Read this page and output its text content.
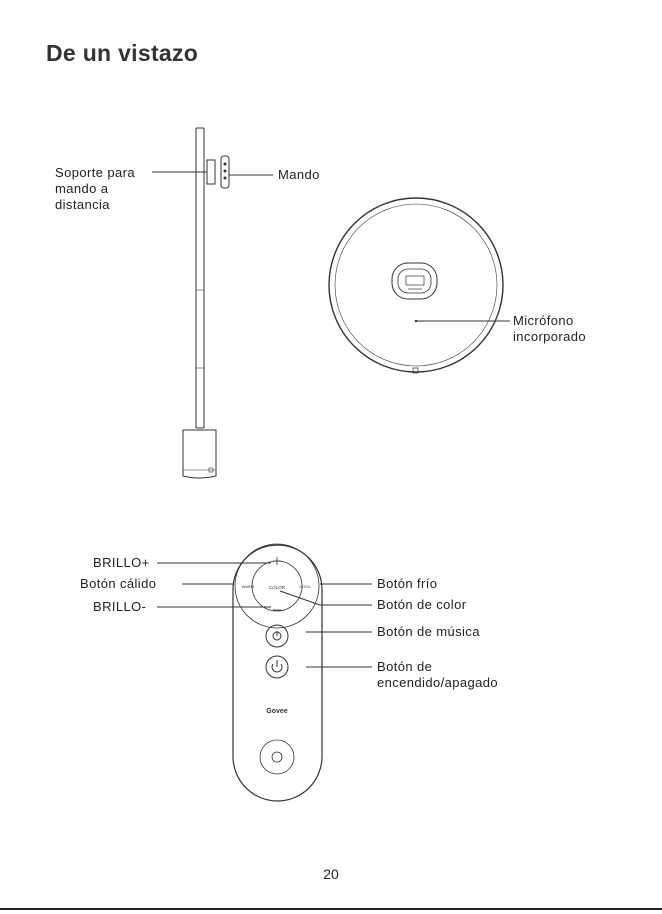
De un vistazo
COLOR
WARM	COOL
Govee
Soporte para
mando a
distancia
Mando
Micrófono
incorporado
BRILLO+
Botón cálido
BRILLO-
Botón frío
Botón de color
Botón de música
Botón de
encendido/apagado
20
